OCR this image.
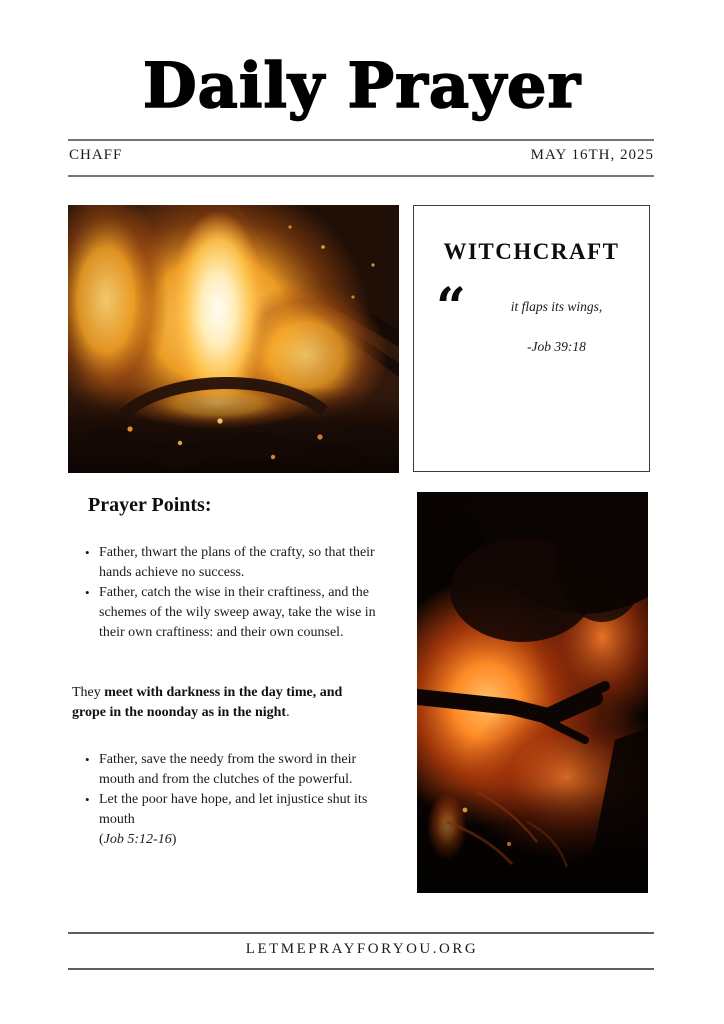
Daily Prayer
CHAFF	MAY 16TH, 2025
WITCHCRAFT
“	it flaps its wings,
-Job 39:18
Prayer Points:
• Father, thwart the plans of the crafty, so that their hands achieve no success.
• Father, catch the wise in their craftiness, and the schemes of the wily sweep away, take the wise in their own craftiness: and their own counsel.
They meet with darkness in the day time, and grope in the noonday as in the night.
• Father, save the needy from the sword in their mouth and from the clutches of the powerful.
• Let the poor have hope, and let injustice shut its mouth
(Job 5:12-16)
LETMEPRAYFORYOU.ORG
